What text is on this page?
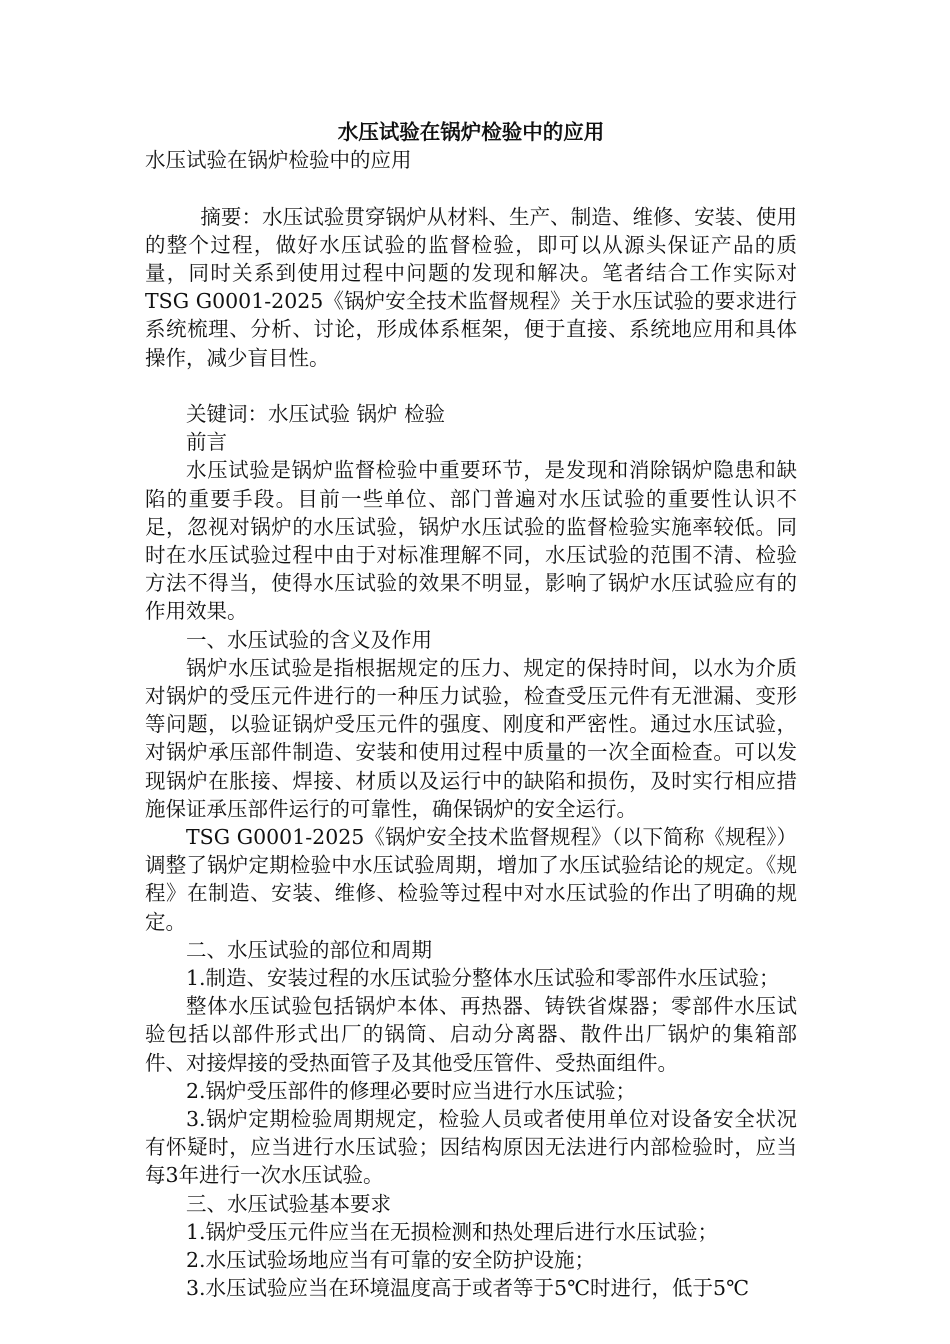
水压试验在锅炉检验中的应用

水压试验在锅炉检验中的应用

摘要：水压试验贯穿锅炉从材料、生产、制造、维修、安装、使用的整个过程，做好水压试验的监督检验，即可以从源头保证产品的质量，同时关系到使用过程中问题的发现和解决。笔者结合工作实际对TSG G0001-2025《锅炉安全技术监督规程》关于水压试验的要求进行系统梳理、分析、讨论，形成体系框架，便于直接、系统地应用和具体操作，减少盲目性。

关键词：水压试验 锅炉 检验

前言

水压试验是锅炉监督检验中重要环节，是发现和消除锅炉隐患和缺陷的重要手段。目前一些单位、部门普遍对水压试验的重要性认识不足，忽视对锅炉的水压试验，锅炉水压试验的监督检验实施率较低。同时在水压试验过程中由于对标准理解不同，水压试验的范围不清、检验方法不得当，使得水压试验的效果不明显，影响了锅炉水压试验应有的作用效果。

一、水压试验的含义及作用

锅炉水压试验是指根据规定的压力、规定的保持时间，以水为介质对锅炉的受压元件进行的一种压力试验，检查受压元件有无泄漏、变形等问题，以验证锅炉受压元件的强度、刚度和严密性。通过水压试验，对锅炉承压部件制造、安装和使用过程中质量的一次全面检查。可以发现锅炉在胀接、焊接、材质以及运行中的缺陷和损伤，及时实行相应措施保证承压部件运行的可靠性，确保锅炉的安全运行。

TSG G0001-2025《锅炉安全技术监督规程》（以下简称《规程》）调整了锅炉定期检验中水压试验周期，增加了水压试验结论的规定。《规程》在制造、安装、维修、检验等过程中对水压试验的作出了明确的规定。

二、水压试验的部位和周期

1.制造、安装过程的水压试验分整体水压试验和零部件水压试验；

整体水压试验包括锅炉本体、再热器、铸铁省煤器；零部件水压试验包括以部件形式出厂的锅筒、启动分离器、散件出厂锅炉的集箱部件、对接焊接的受热面管子及其他受压管件、受热面组件。

2.锅炉受压部件的修理必要时应当进行水压试验；

3.锅炉定期检验周期规定，检验人员或者使用单位对设备安全状况有怀疑时，应当进行水压试验；因结构原因无法进行内部检验时，应当每3年进行一次水压试验。

三、水压试验基本要求

1.锅炉受压元件应当在无损检测和热处理后进行水压试验；

2.水压试验场地应当有可靠的安全防护设施；

3.水压试验应当在环境温度高于或者等于5℃时进行，低于5℃
